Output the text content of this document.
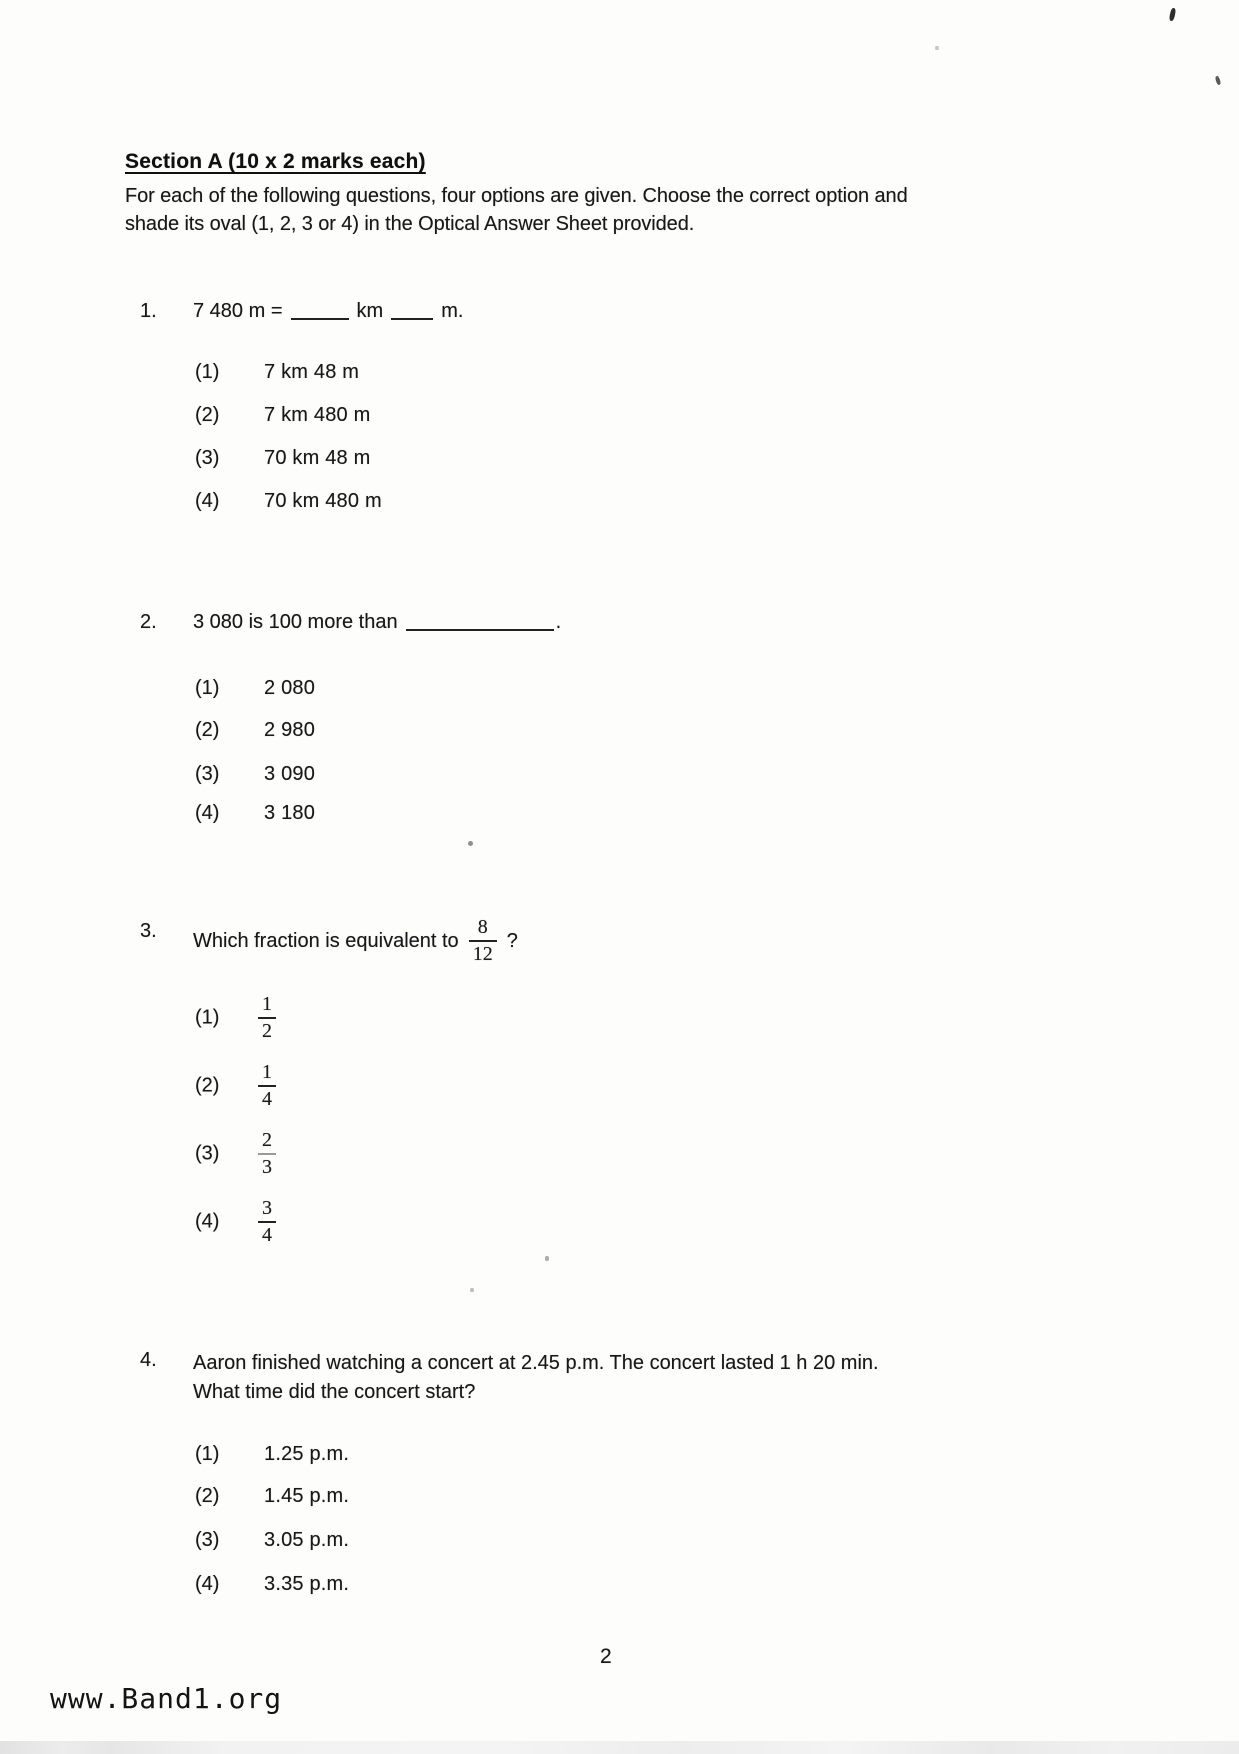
Section A (10 x 2 marks each)
For each of the following questions, four options are given. Choose the correct option and
shade its oval (1, 2, 3 or 4) in the Optical Answer Sheet provided.
1. 7 480 m =	km	m.
(1) 7 km 48 m
(2) 7 km 480 m
(3) 70 km 48 m
(4) 70 km 480 m
2. 3 080 is 100 more than	.
(1) 2 080
(2) 2 980
(3) 3 090
(4) 3 180
3. Which fraction is equivalent to $\frac{8}{12}$ ?
(1)
1
2
(2)
1
4
(3)
2
3
(4)
3
4
4. Aaron finished watching a concert at 2.45 p.m. The concert lasted 1 h 20 min.
What time did the concert start?
(1) 1.25 p.m.
(2) 1.45 p.m.
(3) 3.05 p.m.
(4) 3.35 p.m.
2
www.Band1.org
